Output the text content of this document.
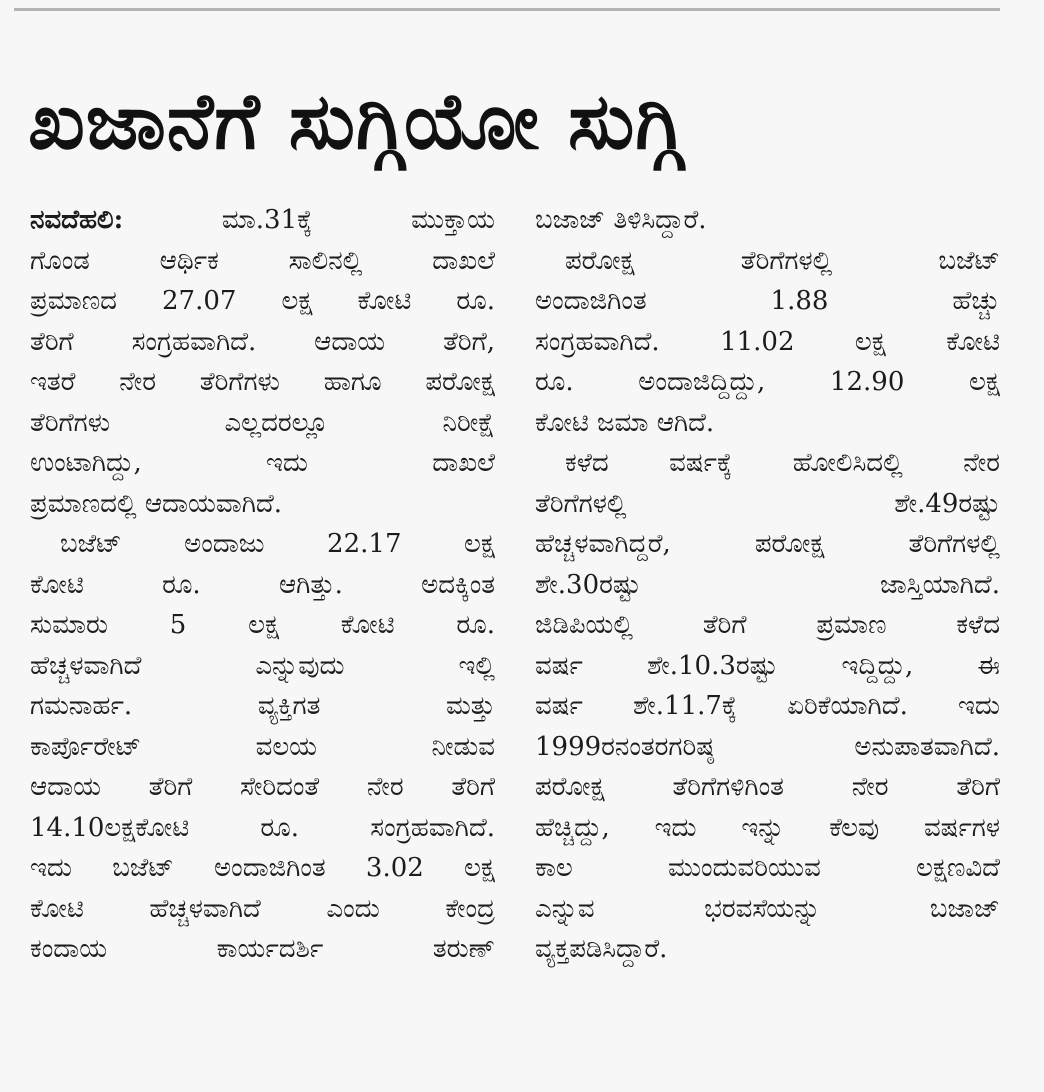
ಖಜಾನೆಗೆ ಸುಗ್ಗಿಯೋ ಸುಗ್ಗಿ
ನವದೆಹಲಿ: ಮಾ.31ಕ್ಕೆ ಮುಕ್ತಾಯ
ಗೊಂಡ ಆರ್ಥಿಕ ಸಾಲಿನಲ್ಲಿ ದಾಖಲೆ
ಪ್ರಮಾಣದ 27.07 ಲಕ್ಷ ಕೋಟಿ ರೂ.
ತೆರಿಗೆ ಸಂಗ್ರಹವಾಗಿದೆ. ಆದಾಯ ತೆರಿಗೆ,
ಇತರೆ ನೇರ ತೆರಿಗೆಗಳು ಹಾಗೂ ಪರೋಕ್ಷ
ತೆರಿಗೆಗಳು ಎಲ್ಲದರಲ್ಲೂ ನಿರೀಕ್ಷೆ
ಉಂಟಾಗಿದ್ದು, ಇದು ದಾಖಲೆ
ಪ್ರಮಾಣದಲ್ಲಿ ಆದಾಯವಾಗಿದೆ.
ಬಜೆಟ್ ಅಂದಾಜು 22.17 ಲಕ್ಷ
ಕೋಟಿ ರೂ. ಆಗಿತ್ತು. ಅದಕ್ಕಿಂತ
ಸುಮಾರು 5 ಲಕ್ಷ ಕೋಟಿ ರೂ.
ಹೆಚ್ಚಳವಾಗಿದೆ ಎನ್ನುವುದು ಇಲ್ಲಿ
ಗಮನಾರ್ಹ. ವ್ಯಕ್ತಿಗತ ಮತ್ತು
ಕಾರ್ಪೊರೇಟ್ ವಲಯ ನೀಡುವ
ಆದಾಯ ತೆರಿಗೆ ಸೇರಿದಂತೆ ನೇರ ತೆರಿಗೆ
14.10ಲಕ್ಷಕೋಟಿ ರೂ. ಸಂಗ್ರಹವಾಗಿದೆ.
ಇದು ಬಜೆಟ್ ಅಂದಾಜಿಗಿಂತ 3.02 ಲಕ್ಷ
ಕೋಟಿ ಹೆಚ್ಚಳವಾಗಿದೆ ಎಂದು ಕೇಂದ್ರ
ಕಂದಾಯ ಕಾರ್ಯದರ್ಶಿ ತರುಣ್
ಬಜಾಜ್ ತಿಳಿಸಿದ್ದಾರೆ.
ಪರೋಕ್ಷ ತೆರಿಗೆಗಳಲ್ಲಿ ಬಜೆಟ್
ಅಂದಾಜಿಗಿಂತ 1.88 ಹೆಚ್ಚು
ಸಂಗ್ರಹವಾಗಿದೆ. 11.02 ಲಕ್ಷ ಕೋಟಿ
ರೂ. ಅಂದಾಜಿದ್ದಿದ್ದು, 12.90 ಲಕ್ಷ
ಕೋಟಿ ಜಮಾ ಆಗಿದೆ.
ಕಳೆದ ವರ್ಷಕ್ಕೆ ಹೋಲಿಸಿದಲ್ಲಿ ನೇರ
ತೆರಿಗೆಗಳಲ್ಲಿ ಶೇ.49ರಷ್ಟು
ಹೆಚ್ಚಳವಾಗಿದ್ದರೆ, ಪರೋಕ್ಷ ತೆರಿಗೆಗಳಲ್ಲಿ
ಶೇ.30ರಷ್ಟು ಜಾಸ್ತಿಯಾಗಿದೆ.
ಜಿಡಿಪಿಯಲ್ಲಿ ತೆರಿಗೆ ಪ್ರಮಾಣ ಕಳೆದ
ವರ್ಷ ಶೇ.10.3ರಷ್ಟು ಇದ್ದಿದ್ದು, ಈ
ವರ್ಷ ಶೇ.11.7ಕ್ಕೆ ಏರಿಕೆಯಾಗಿದೆ. ಇದು
1999ರನಂತರಗರಿಷ್ಠ ಅನುಪಾತವಾಗಿದೆ.
ಪರೋಕ್ಷ ತೆರಿಗೆಗಳಿಗಿಂತ ನೇರ ತೆರಿಗೆ
ಹೆಚ್ಚಿದ್ದು, ಇದು ಇನ್ನು ಕೆಲವು ವರ್ಷಗಳ
ಕಾಲ ಮುಂದುವರಿಯುವ ಲಕ್ಷಣವಿದೆ
ಎನ್ನುವ ಭರವಸೆಯನ್ನು ಬಜಾಜ್
ವ್ಯಕ್ತಪಡಿಸಿದ್ದಾರೆ.
